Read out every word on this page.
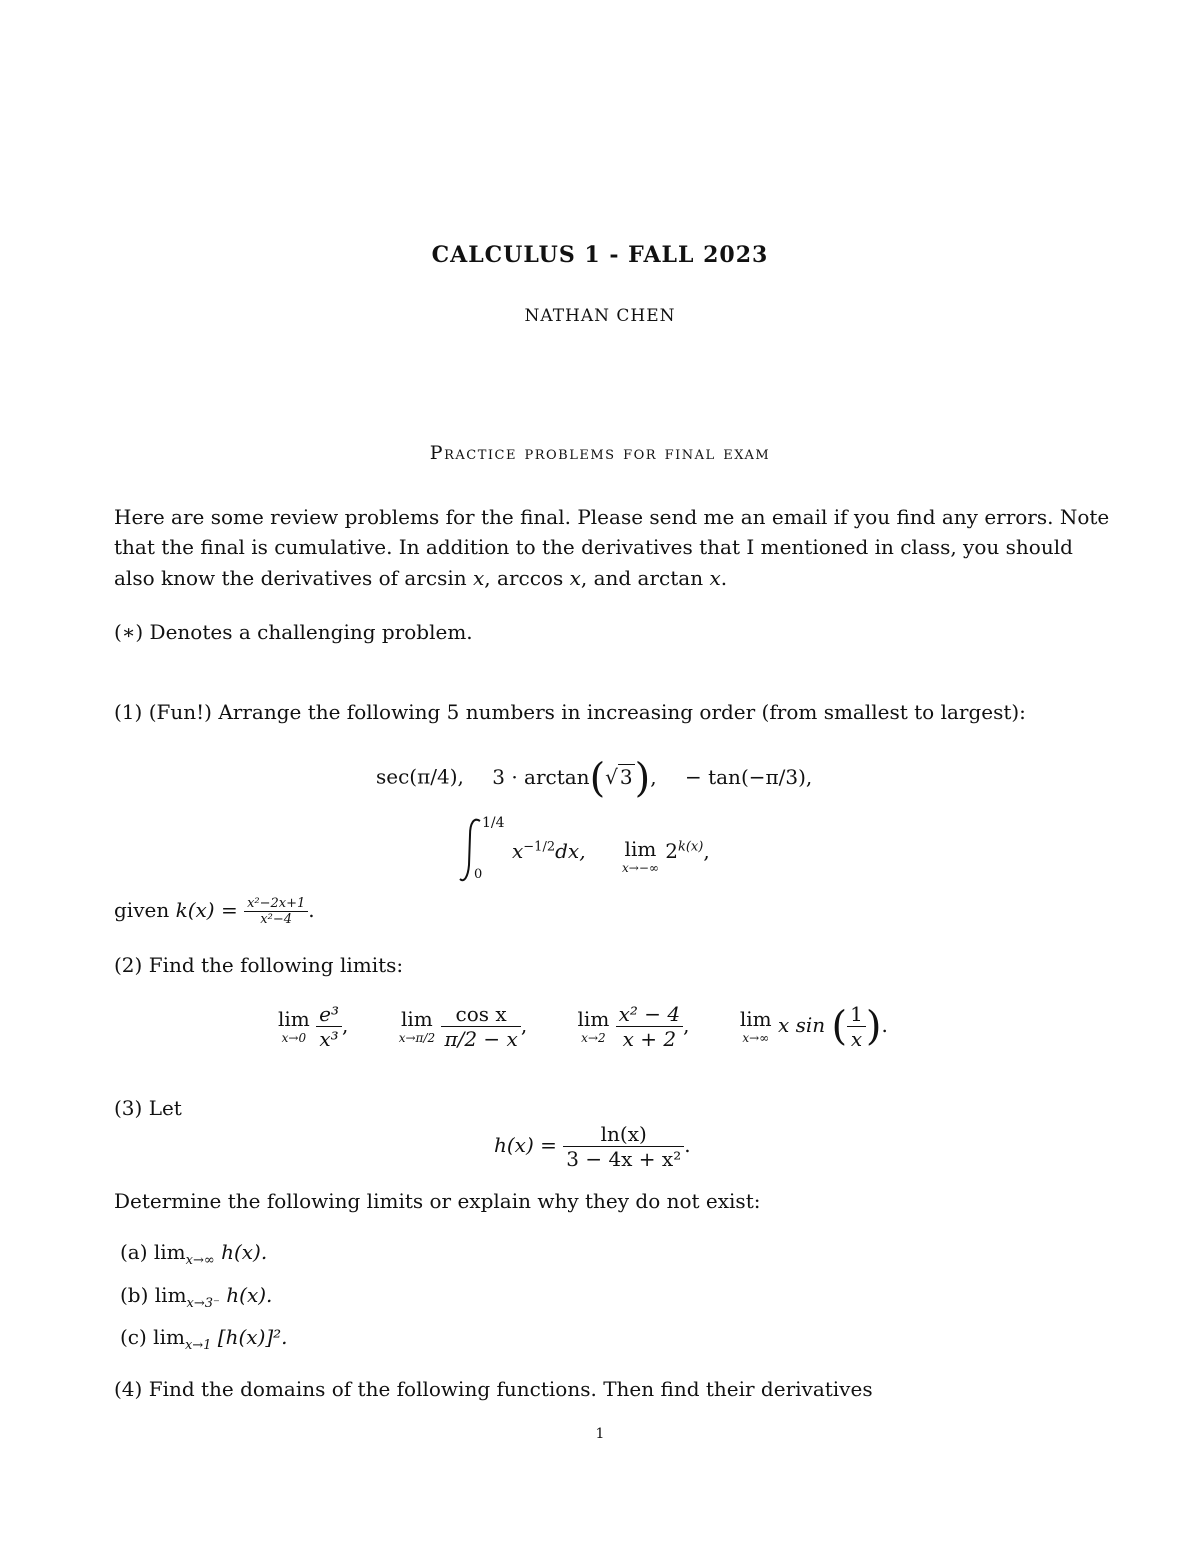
CALCULUS 1 - FALL 2023
NATHAN CHEN
Practice problems for final exam
Here are some review problems for the final. Please send me an email if you find any errors. Note
that the final is cumulative. In addition to the derivatives that I mentioned in class, you should
also know the derivatives of arcsin x, arccos x, and arctan x.
(∗) Denotes a challenging problem.
(1) (Fun!) Arrange the following 5 numbers in increasing order (from smallest to largest):
sec(π/4), 3 · arctan(√ 3), − tan(−π/3),
1/4
0
$x^{-1/2}dx$, lim
x→−∞
$2^{k(x)}$,
given $k(x) = \frac{\text{x²−2x+1}}{\text{x²−4}}$ .
(2) Find the following limits:
lim
x→0
$\frac{\text{e³}}{\text{x³}}$ ,	lim
x→π/2
$\frac{\text{cos x}}{\pi/2 - x}$ ,	lim
x→2
$\frac{\text{x² − 4}}{x + 2}$ ,	lim
x→∞
x sin ( $\frac{1}{x}$ ).
(3) Let
$h(x) = \frac{\ln(x)}{\text{3 − 4x + x²}}$ .
Determine the following limits or explain why they do not exist:
(a) $\lim_{x\to\infty} h(x)$.
(b) $\lim_{x\to 3^-} h(x)$.
(c) $\lim_{x\to 1} [h(x)]^2$.
(4) Find the domains of the following functions. Then find their derivatives
1
